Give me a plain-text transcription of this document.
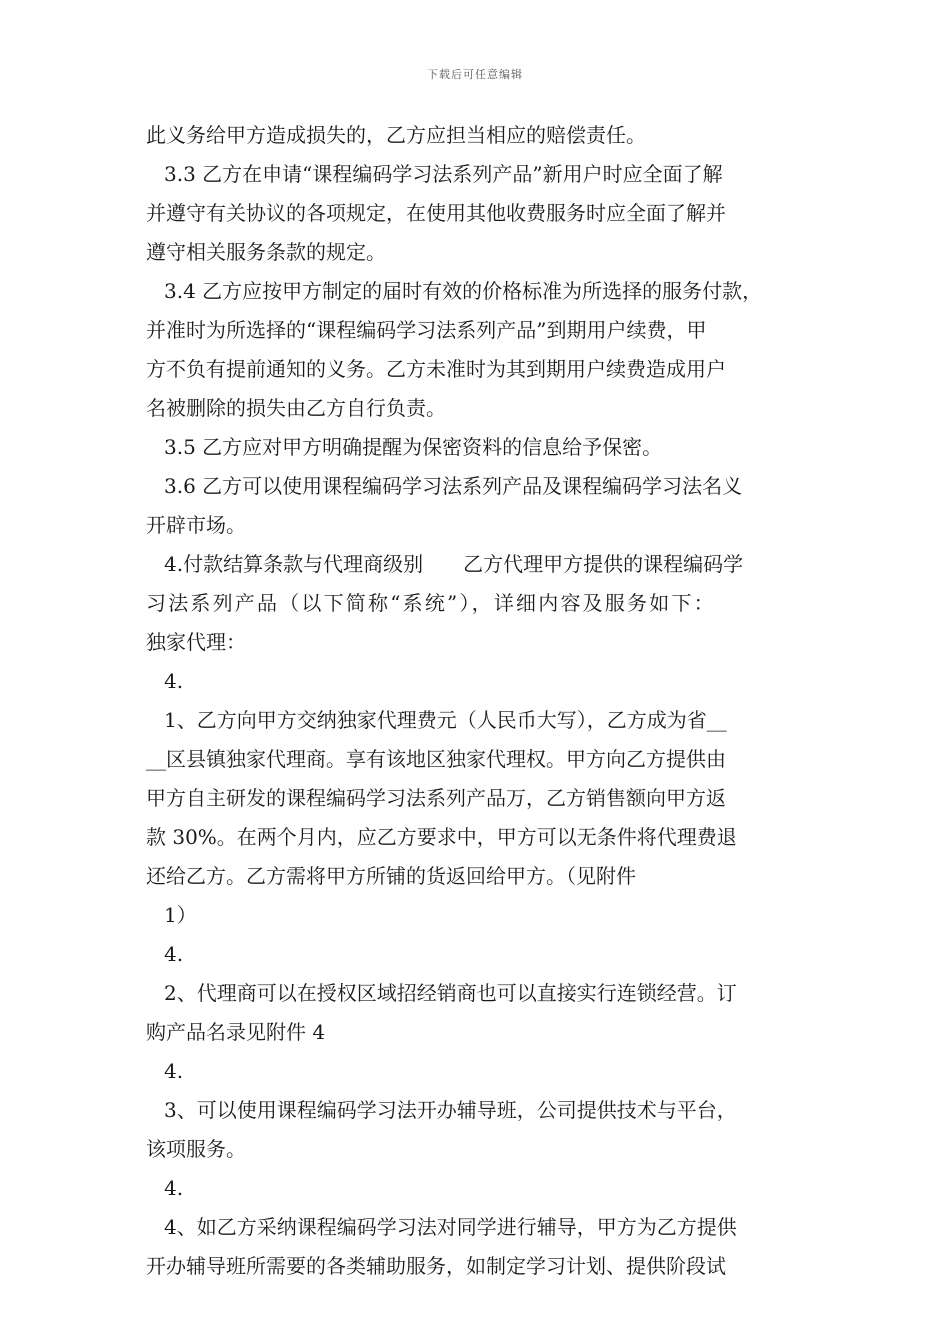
下载后可任意编辑
此义务给甲方造成损失的，乙方应担当相应的赔偿责任。
3.3 乙方在申请“课程编码学习法系列产品”新用户时应全面了解
并遵守有关协议的各项规定，在使用其他收费服务时应全面了解并
遵守相关服务条款的规定。
3.4 乙方应按甲方制定的届时有效的价格标准为所选择的服务付款，
并准时为所选择的“课程编码学习法系列产品”到期用户续费，甲
方不负有提前通知的义务。乙方未准时为其到期用户续费造成用户
名被删除的损失由乙方自行负责。
3.5 乙方应对甲方明确提醒为保密资料的信息给予保密。
3.6 乙方可以使用课程编码学习法系列产品及课程编码学习法名义
开辟市场。
4.付款结算条款与代理商级别　　乙方代理甲方提供的课程编码学
习法系列产品（以下简称“系统”），详细内容及服务如下：
独家代理：
4.
1、乙方向甲方交纳独家代理费元（人民币大写），乙方成为省__
__区县镇独家代理商。享有该地区独家代理权。甲方向乙方提供由
甲方自主研发的课程编码学习法系列产品万，乙方销售额向甲方返
款 30%。在两个月内，应乙方要求中，甲方可以无条件将代理费退
还给乙方。乙方需将甲方所铺的货返回给甲方。（见附件
1）
4.
2、代理商可以在授权区域招经销商也可以直接实行连锁经营。订
购产品名录见附件 4
4.
3、可以使用课程编码学习法开办辅导班，公司提供技术与平台，
该项服务。
4.
4、如乙方采纳课程编码学习法对同学进行辅导，甲方为乙方提供
开办辅导班所需要的各类辅助服务，如制定学习计划、提供阶段试
